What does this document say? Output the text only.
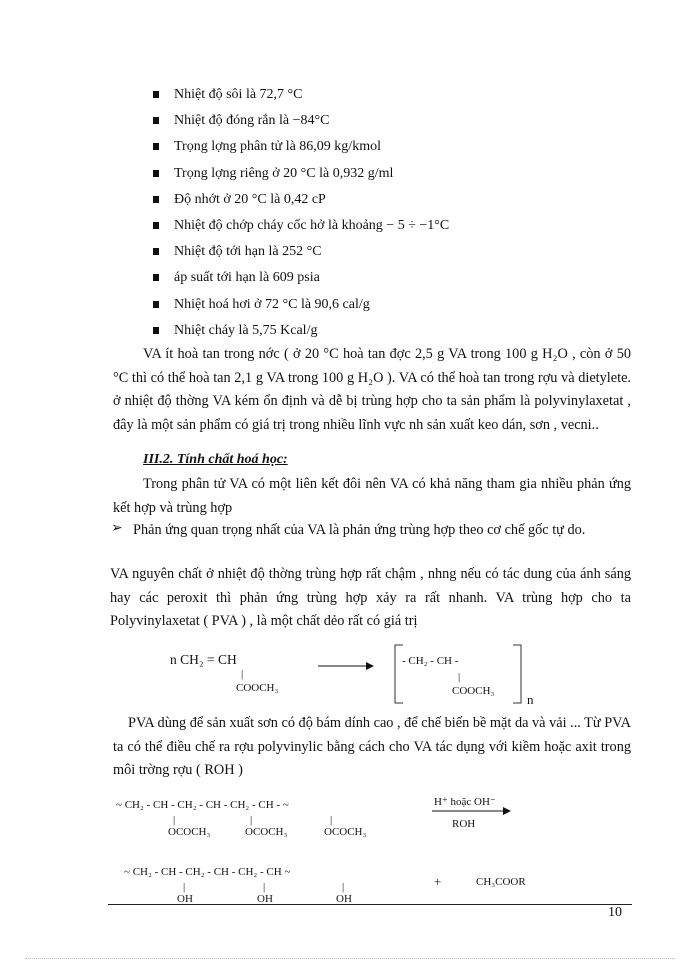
Nhiệt độ sôi là 72,7 °C
Nhiệt độ đóng rắn là −84°C
Trọng lợng phân tử là 86,09 kg/kmol
Trọng lợng riêng ở 20 °C là 0,932 g/ml
Độ nhớt ở 20 °C là 0,42 cP
Nhiệt độ chớp cháy cốc hở là khoảng − 5 ÷ −1°C
Nhiệt độ tới hạn là 252 °C
áp suất tới hạn là 609 psia
Nhiệt hoá hơi ở 72 °C là 90,6 cal/g
Nhiệt cháy là 5,75 Kcal/g

VA ít hoà tan trong nớc ( ở 20 °C hoà tan đợc 2,5 g VA trong 100 g H₂O , còn ở 50 °C thì có thể hoà tan 2,1 g VA trong 100 g H₂O ). VA có thể hoà tan trong rợu và dietylete. ở nhiệt độ thờng VA kém ổn định và dễ bị trùng hợp cho ta sản phẩm là polyvinylaxetat , đây là một sản phẩm có giá trị trong nhiều lĩnh vực nh sản xuất keo dán, sơn , vecni..

III.2. Tính chất hoá học:

Trong phân tử VA có một liên kết đôi nên VA có khả năng tham gia nhiều phản ứng kết hợp và trùng hợp

➢ Phản ứng quan trọng nhất của VA là phản ứng trùng hợp theo cơ chế gốc tự do.

VA nguyên chất ở nhiệt độ thờng trùng hợp rất chậm , nhng nếu có tác dung của ánh sáng hay các peroxit thì phản ứng trùng hợp xảy ra rất nhanh. VA trùng hợp cho ta Polyvinylaxetat ( PVA ) , là một chất dẻo rất có giá trị

n CH₂ = CH
|
COOCH₃
- CH₂ - CH -
|
COOCH₃
n

PVA dùng để sản xuất sơn có độ bám dính cao , để chế biến bề mặt da và vải ... Từ PVA ta có thể điều chế ra rợu polyvinylic bằng cách cho VA tác dụng với kiềm hoặc axit trong môi trờng rợu ( ROH )

~ CH₂ - CH - CH₂ - CH - CH₂ - CH - ~
|	|	|
OCOCH₃	OCOCH₃	OCOCH₃
H⁺ hoặc OH⁻
ROH
~ CH₂ - CH - CH₂ - CH - CH₂ - CH ~
|	|	|
OH	OH	OH
+	CH₃COOR
10
